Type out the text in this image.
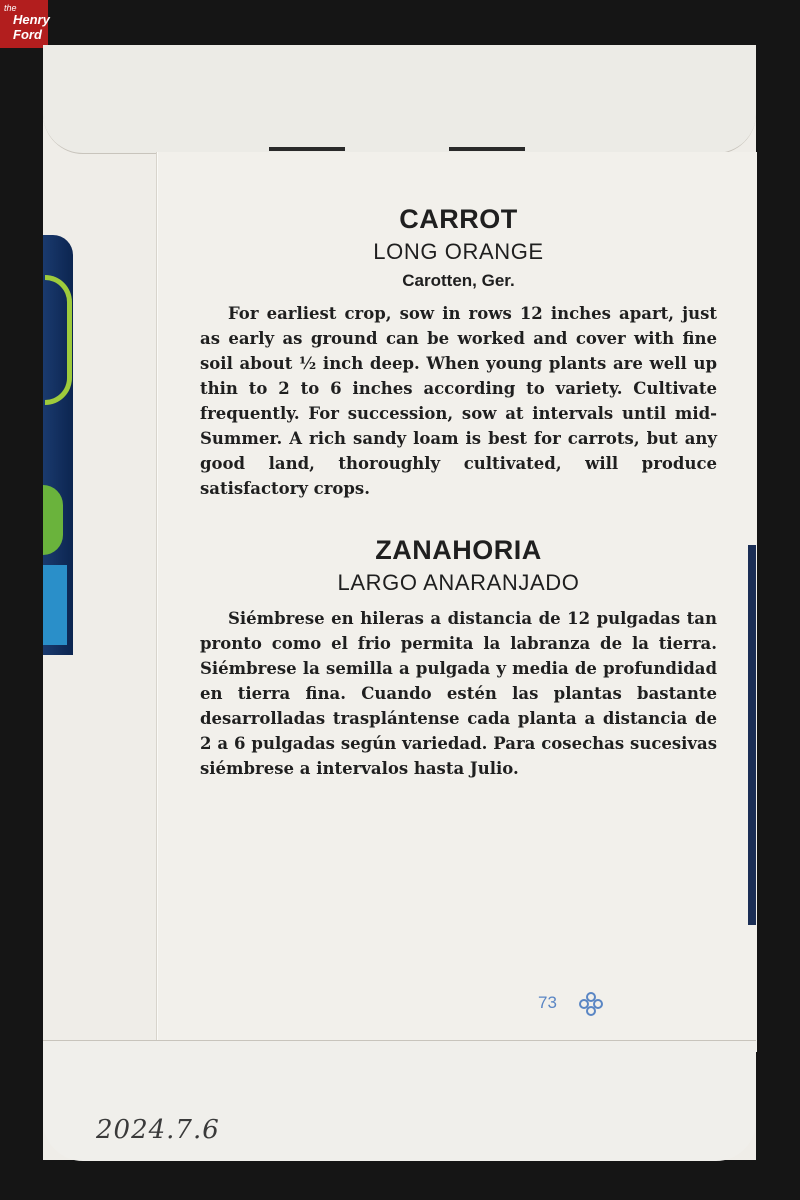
the
Henry
Ford
CARROT
LONG ORANGE
Carotten, Ger.

For earliest crop, sow in rows 12 inches apart, just as early as ground can be worked and cover with fine soil about ½ inch deep. When young plants are well up thin to 2 to 6 inches according to variety. Cultivate frequently. For succession, sow at intervals until mid-Summer. A rich sandy loam is best for carrots, but any good land, thoroughly cultivated, will produce satisfactory crops.

ZANAHORIA
LARGO ANARANJADO

Siémbrese en hileras a distancia de 12 pulgadas tan pronto como el frio permita la labranza de la tierra. Siémbrese la semilla a pulgada y media de profundidad en tierra fina. Cuando estén las plantas bastante desarrolladas trasplántense cada planta a distancia de 2 a 6 pulgadas según variedad. Para cosechas sucesivas siémbrese a intervalos hasta Julio.

73
2024.7.6
